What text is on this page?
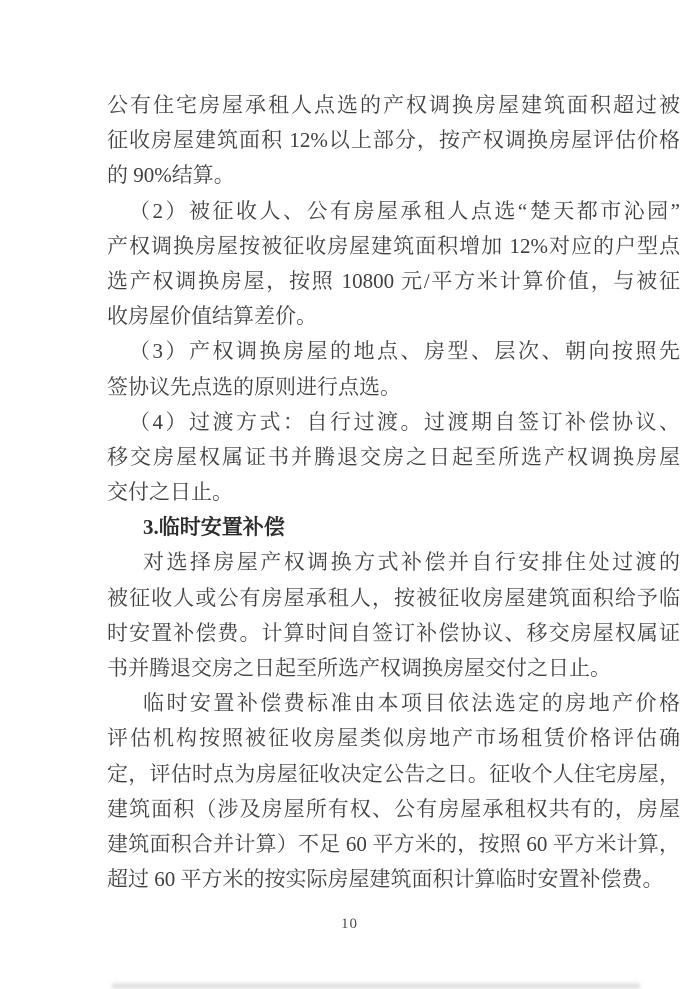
公有住宅房屋承租人点选的产权调换房屋建筑面积超过被
征收房屋建筑面积 12%以上部分，按产权调换房屋评估价格
的 90%结算。
（2）被征收人、公有房屋承租人点选“楚天都市沁园”
产权调换房屋按被征收房屋建筑面积增加 12%对应的户型点
选产权调换房屋，按照 10800 元/平方米计算价值，与被征
收房屋价值结算差价。
（3）产权调换房屋的地点、房型、层次、朝向按照先
签协议先点选的原则进行点选。
（4）过渡方式：自行过渡。过渡期自签订补偿协议、
移交房屋权属证书并腾退交房之日起至所选产权调换房屋
交付之日止。
3.临时安置补偿
对选择房屋产权调换方式补偿并自行安排住处过渡的
被征收人或公有房屋承租人，按被征收房屋建筑面积给予临
时安置补偿费。计算时间自签订补偿协议、移交房屋权属证
书并腾退交房之日起至所选产权调换房屋交付之日止。
临时安置补偿费标准由本项目依法选定的房地产价格
评估机构按照被征收房屋类似房地产市场租赁价格评估确
定，评估时点为房屋征收决定公告之日。征收个人住宅房屋，
建筑面积（涉及房屋所有权、公有房屋承租权共有的，房屋
建筑面积合并计算）不足 60 平方米的，按照 60 平方米计算，
超过 60 平方米的按实际房屋建筑面积计算临时安置补偿费。
10
